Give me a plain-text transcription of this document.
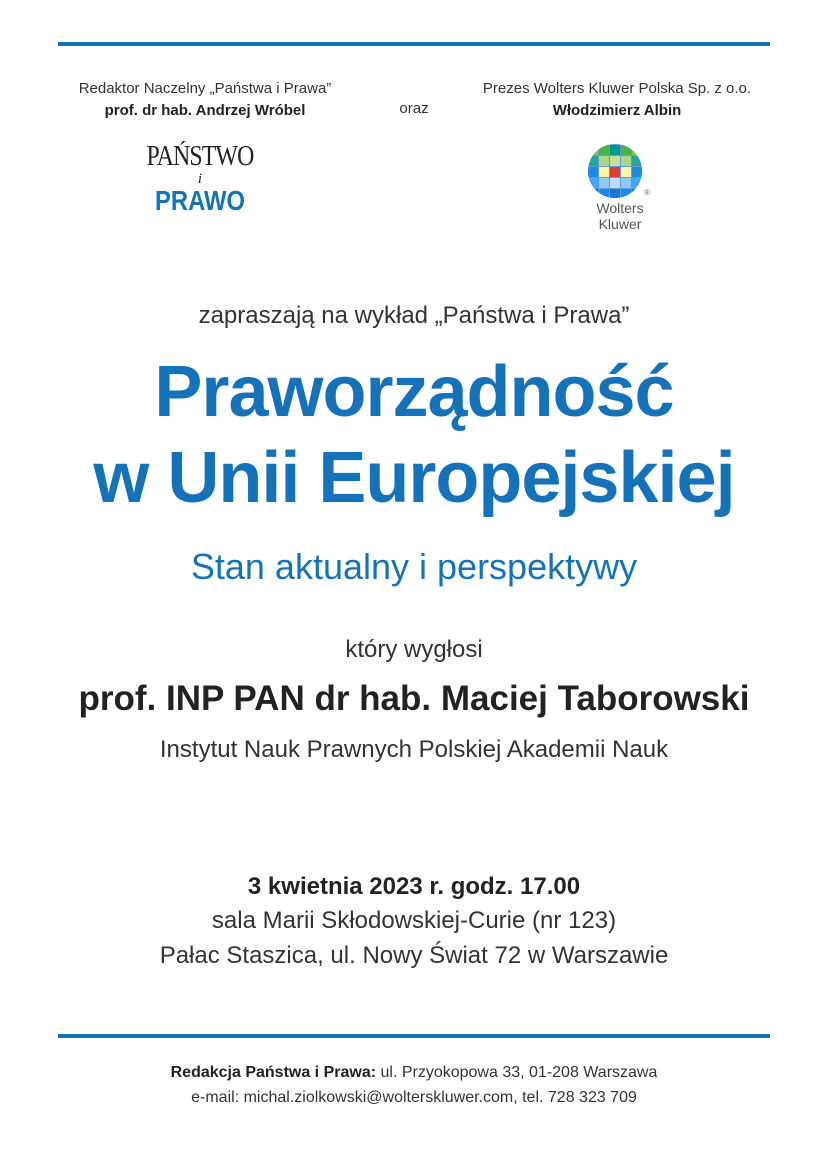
Redaktor Naczelny „Państwa i Prawa”
prof. dr hab. Andrzej Wróbel	oraz
Prezes Wolters Kluwer Polska Sp. z o.o.
Włodzimierz Albin
PAŃSTWO
i
PRAWO	®
Wolters
Kluwer
zapraszają na wykład „Państwa i Prawa”
Praworządność
w Unii Europejskiej
Stan aktualny i perspektywy
który wygłosi
prof. INP PAN dr hab. Maciej Taborowski
Instytut Nauk Prawnych Polskiej Akademii Nauk
3 kwietnia 2023 r. godz. 17.00
sala Marii Skłodowskiej-Curie (nr 123)
Pałac Staszica, ul. Nowy Świat 72 w Warszawie
Redakcja Państwa i Prawa: ul. Przyokopowa 33, 01-208 Warszawa
e-mail: michal.ziolkowski@wolterskluwer.com, tel. 728 323 709
